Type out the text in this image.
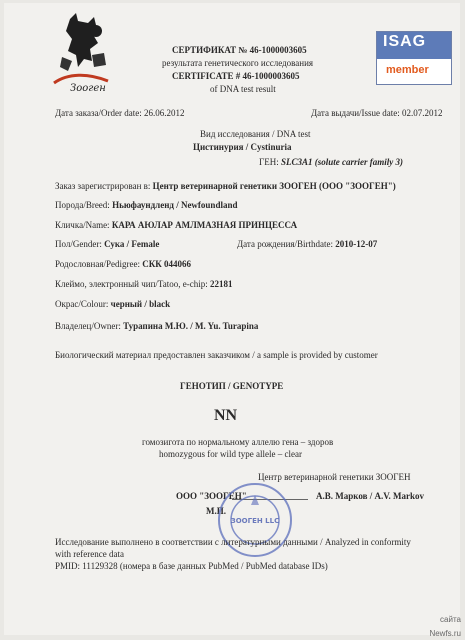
Зооген
ISAG
member
СЕРТИФИКАТ № 46-1000003605
результата генетического исследования
CERTIFICATE # 46-1000003605
of DNA test result
Дата заказа/Order date: 26.06.2012	Дата выдачи/Issue date: 02.07.2012
Вид исследования / DNA test
Цистинурия / Cystinuria
ГЕН: SLC3A1 (solute carrier family 3)
Заказ зарегистрирован в: Центр ветеринарной генетики ЗООГЕН (ООО "ЗООГЕН")
Порода/Breed: Ньюфаундленд / Newfoundland
Кличка/Name: КАРА АЮЛАР АМЛМАЗНАЯ ПРИНЦЕССА
Пол/Gender: Сука / Female	Дата рождения/Birthdate: 2010-12-07
Родословная/Pedigree: СКК 044066
Клеймо, электронный чип/Tatoo, e-chip: 22181
Окрас/Colour: черный / black
Владелец/Owner: Турапина М.Ю. / M. Yu. Turapina
Биологический материал предоставлен заказчиком / a sample is provided by customer
ГЕНОТИП / GENOTYPE
NN
гомозигота по нормальному аллелю гена – здоров
homozygous for wild type allele – clear
Центр ветеринарной генетики ЗООГЕН
ООО "ЗООГЕН"	А.В. Марков / A.V. Markov
М.П.
ЗООГЕН LLC
Исследование выполнено в соответствии с литературными данными / Analyzed in conformity
with reference data
PMID: 11129328 (номера в базе данных PubMed / PubMed database IDs)
сайта
Newfs.ru
